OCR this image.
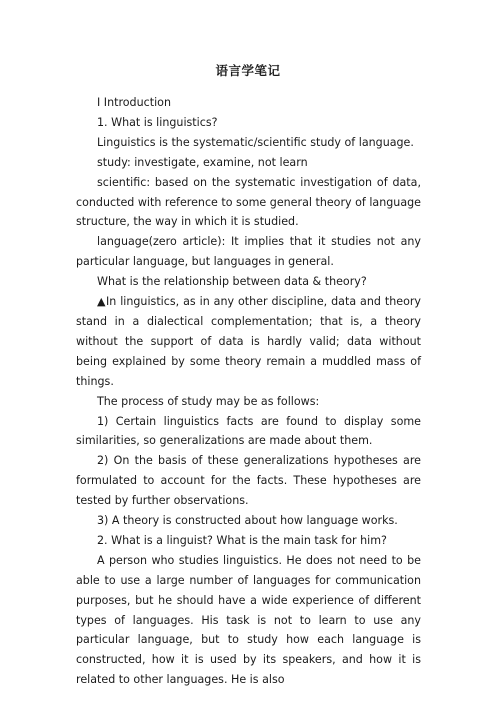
语言学笔记

I Introduction

1. What is linguistics?

Linguistics is the systematic/scientific study of language.

study: investigate, examine, not learn

scientific: based on the systematic investigation of data, conducted with reference to some general theory of language structure, the way in which it is studied.

language(zero article): It implies that it studies not any particular language, but languages in general.

What is the relationship between data & theory?

▲In linguistics, as in any other discipline, data and theory stand in a dialectical complementation; that is, a theory without the support of data is hardly valid; data without being explained by some theory remain a muddled mass of things.

The process of study may be as follows:

1) Certain linguistics facts are found to display some similarities, so generalizations are made about them.

2) On the basis of these generalizations hypotheses are formulated to account for the facts. These hypotheses are tested by further observations.

3) A theory is constructed about how language works.

2. What is a linguist? What is the main task for him?

A person who studies linguistics. He does not need to be able to use a large number of languages for communication purposes, but he should have a wide experience of different types of languages. His task is not to learn to use any particular language, but to study how each language is constructed, how it is used by its speakers, and how it is related to other languages. He is also
